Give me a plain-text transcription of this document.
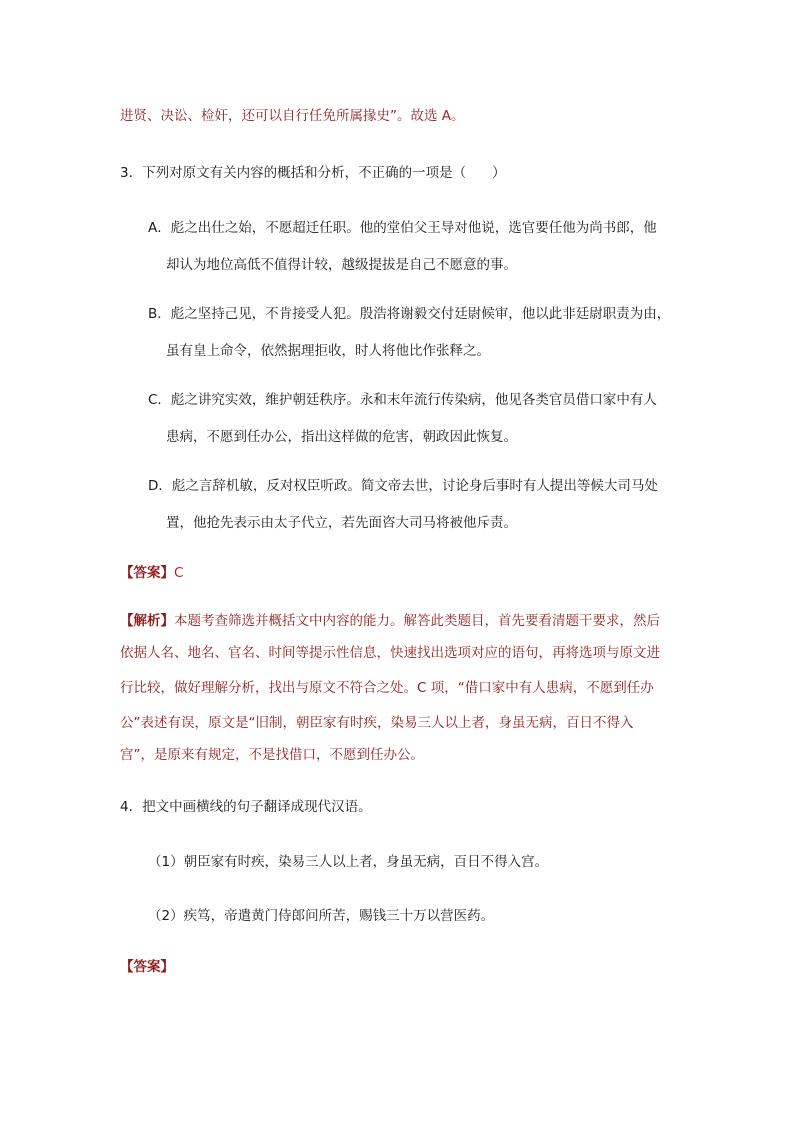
进贤、决讼、检奸，还可以自行任免所属掾史”。故选 A。
3．下列对原文有关内容的概括和分析，不正确的一项是（ ）
A．彪之出仕之始，不愿超迁任职。他的堂伯父王导对他说，选官要任他为尚书郎，他
却认为地位高低不值得计较，越级提拔是自己不愿意的事。
B．彪之坚持己见，不肯接受人犯。殷浩将谢毅交付廷尉候审，他以此非廷尉职责为由，
虽有皇上命令，依然据理拒收，时人将他比作张释之。
C．彪之讲究实效，维护朝廷秩序。永和末年流行传染病，他见各类官员借口家中有人
患病，不愿到任办公，指出这样做的危害，朝政因此恢复。
D．彪之言辞机敏，反对权臣听政。简文帝去世，讨论身后事时有人提出等候大司马处
置，他抢先表示由太子代立，若先面咨大司马将被他斥责。
【答案】C
【解析】本题考查筛选并概括文中内容的能力。解答此类题目，首先要看清题干要求，然后
依据人名、地名、官名、时间等提示性信息，快速找出选项对应的语句，再将选项与原文进
行比较，做好理解分析，找出与原文不符合之处。C 项，“借口家中有人患病，不愿到任办
公”表述有误，原文是“旧制，朝臣家有时疾，染易三人以上者，身虽无病，百日不得入
宫”，是原来有规定，不是找借口，不愿到任办公。
4．把文中画横线的句子翻译成现代汉语。
（1）朝臣家有时疾，染易三人以上者，身虽无病，百日不得入宫。
（2）疾笃，帝遣黄门侍郎问所苦，赐钱三十万以营医药。
【答案】
